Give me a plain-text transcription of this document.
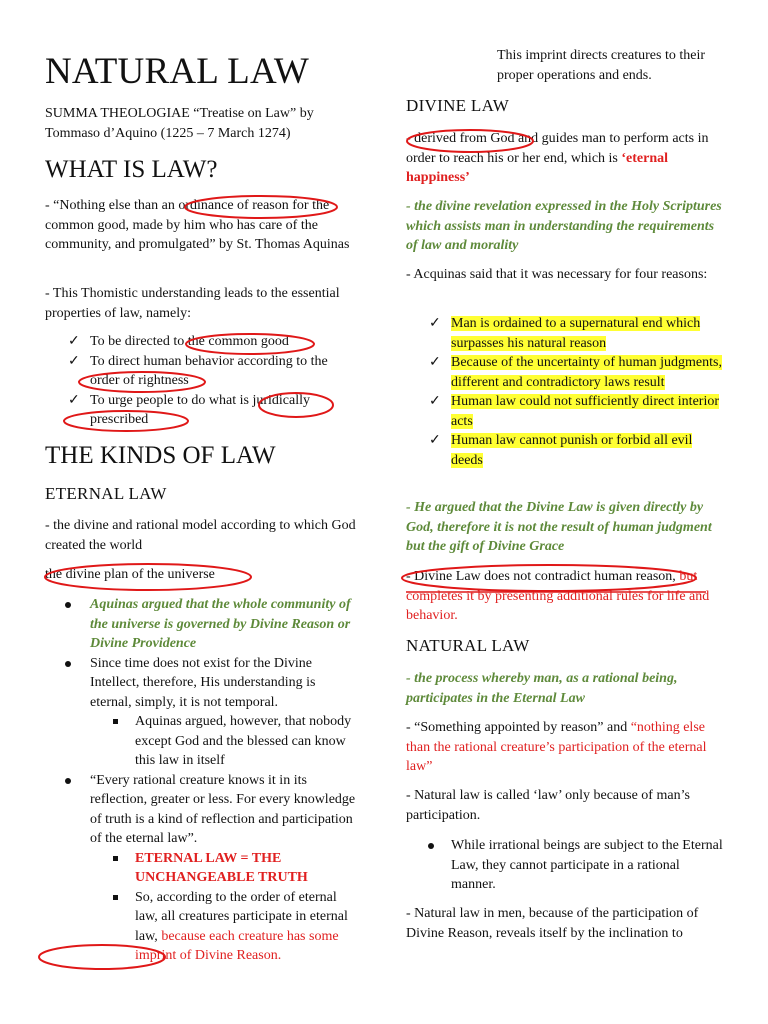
NATURAL LAW

SUMMA THEOLOGIAE “Treatise on Law” by Tommaso d’Aquino (1225 – 7 March 1274)

WHAT IS LAW?

- “Nothing else than an ordinance of reason for the common good, made by him who has care of the community, and promulgated” by St. Thomas Aquinas

- This Thomistic understanding leads to the essential properties of law, namely:

✓ To be directed to the common good
✓ To direct human behavior according to the order of rightness
✓ To urge people to do what is juridically prescribed
THE KINDS OF LAW
ETERNAL LAW

- the divine and rational model according to which God created the world

the divine plan of the universe

Aquinas argued that the whole community of the universe is governed by Divine Reason or Divine Providence
Since time does not exist for the Divine Intellect, therefore, His understanding is eternal, simply, it is not temporal.
Aquinas argued, however, that nobody except God and the blessed can know this law in itself
“Every rational creature knows it in its reflection, greater or less. For every knowledge of truth is a kind of reflection and participation of the eternal law”.
ETERNAL LAW = THE UNCHANGEABLE TRUTH
So, according to the order of eternal law, all creatures participate in eternal law, because each creature has some imprint of Divine Reason.

This imprint directs creatures to their proper operations and ends.

DIVINE LAW

- derived from God and guides man to perform acts in order to reach his or her end, which is ‘eternal happiness’

- the divine revelation expressed in the Holy Scriptures which assists man in understanding the requirements of law and morality

- Acquinas said that it was necessary for four reasons:

✓ Man is ordained to a supernatural end which surpasses his natural reason
✓ Because of the uncertainty of human judgments, different and contradictory laws result
✓ Human law could not sufficiently direct interior acts
✓ Human law cannot punish or forbid all evil deeds

- He argued that the Divine Law is given directly by God, therefore it is not the result of human judgment but the gift of Divine Grace

- Divine Law does not contradict human reason, but completes it by presenting additional rules for life and behavior.

NATURAL LAW

- the process whereby man, as a rational being, participates in the Eternal Law

- “Something appointed by reason” and “nothing else than the rational creature’s participation of the eternal law”

- Natural law is called ‘law’ only because of man’s participation.

While irrational beings are subject to the Eternal Law, they cannot participate in a rational manner.

- Natural law in men, because of the participation of Divine Reason, reveals itself by the inclination to
